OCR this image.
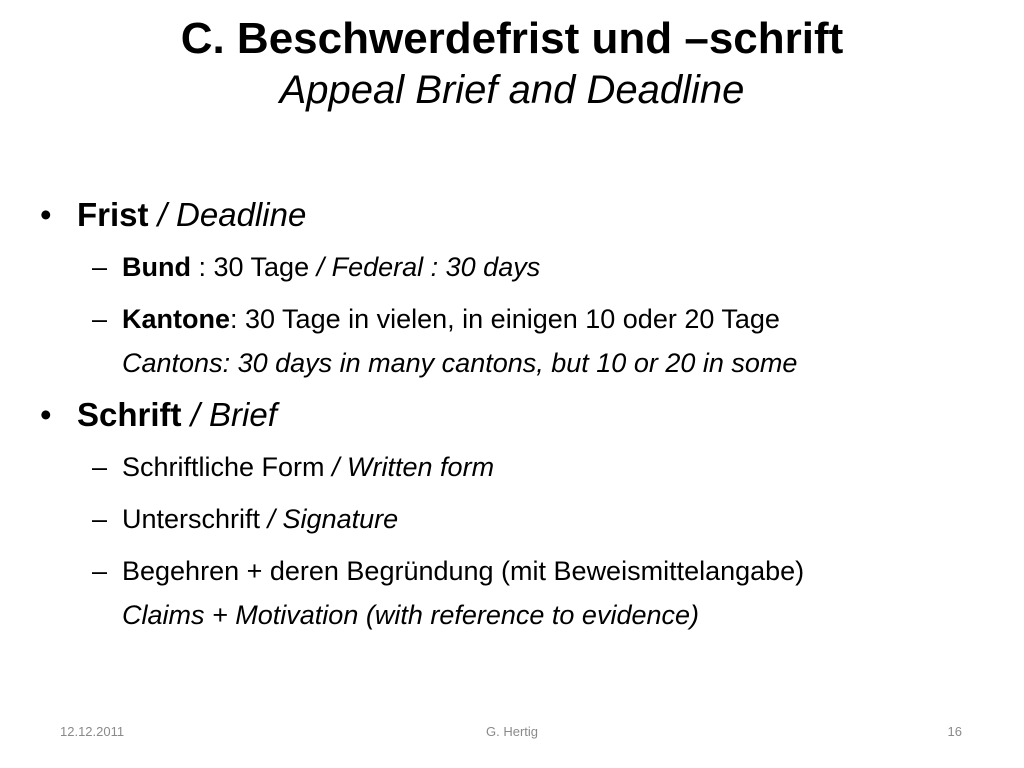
C. Beschwerdefrist und –schrift
Appeal Brief and Deadline
• Frist / Deadline
– Bund : 30 Tage / Federal : 30 days
– Kantone: 30 Tage in vielen, in einigen 10 oder 20 Tage
Cantons: 30 days in many cantons, but 10 or 20 in some
• Schrift / Brief
– Schriftliche Form / Written form
– Unterschrift / Signature
– Begehren + deren Begründung (mit Beweismittelangabe)
Claims + Motivation (with reference to evidence)
12.12.2011	G. Hertig	16
